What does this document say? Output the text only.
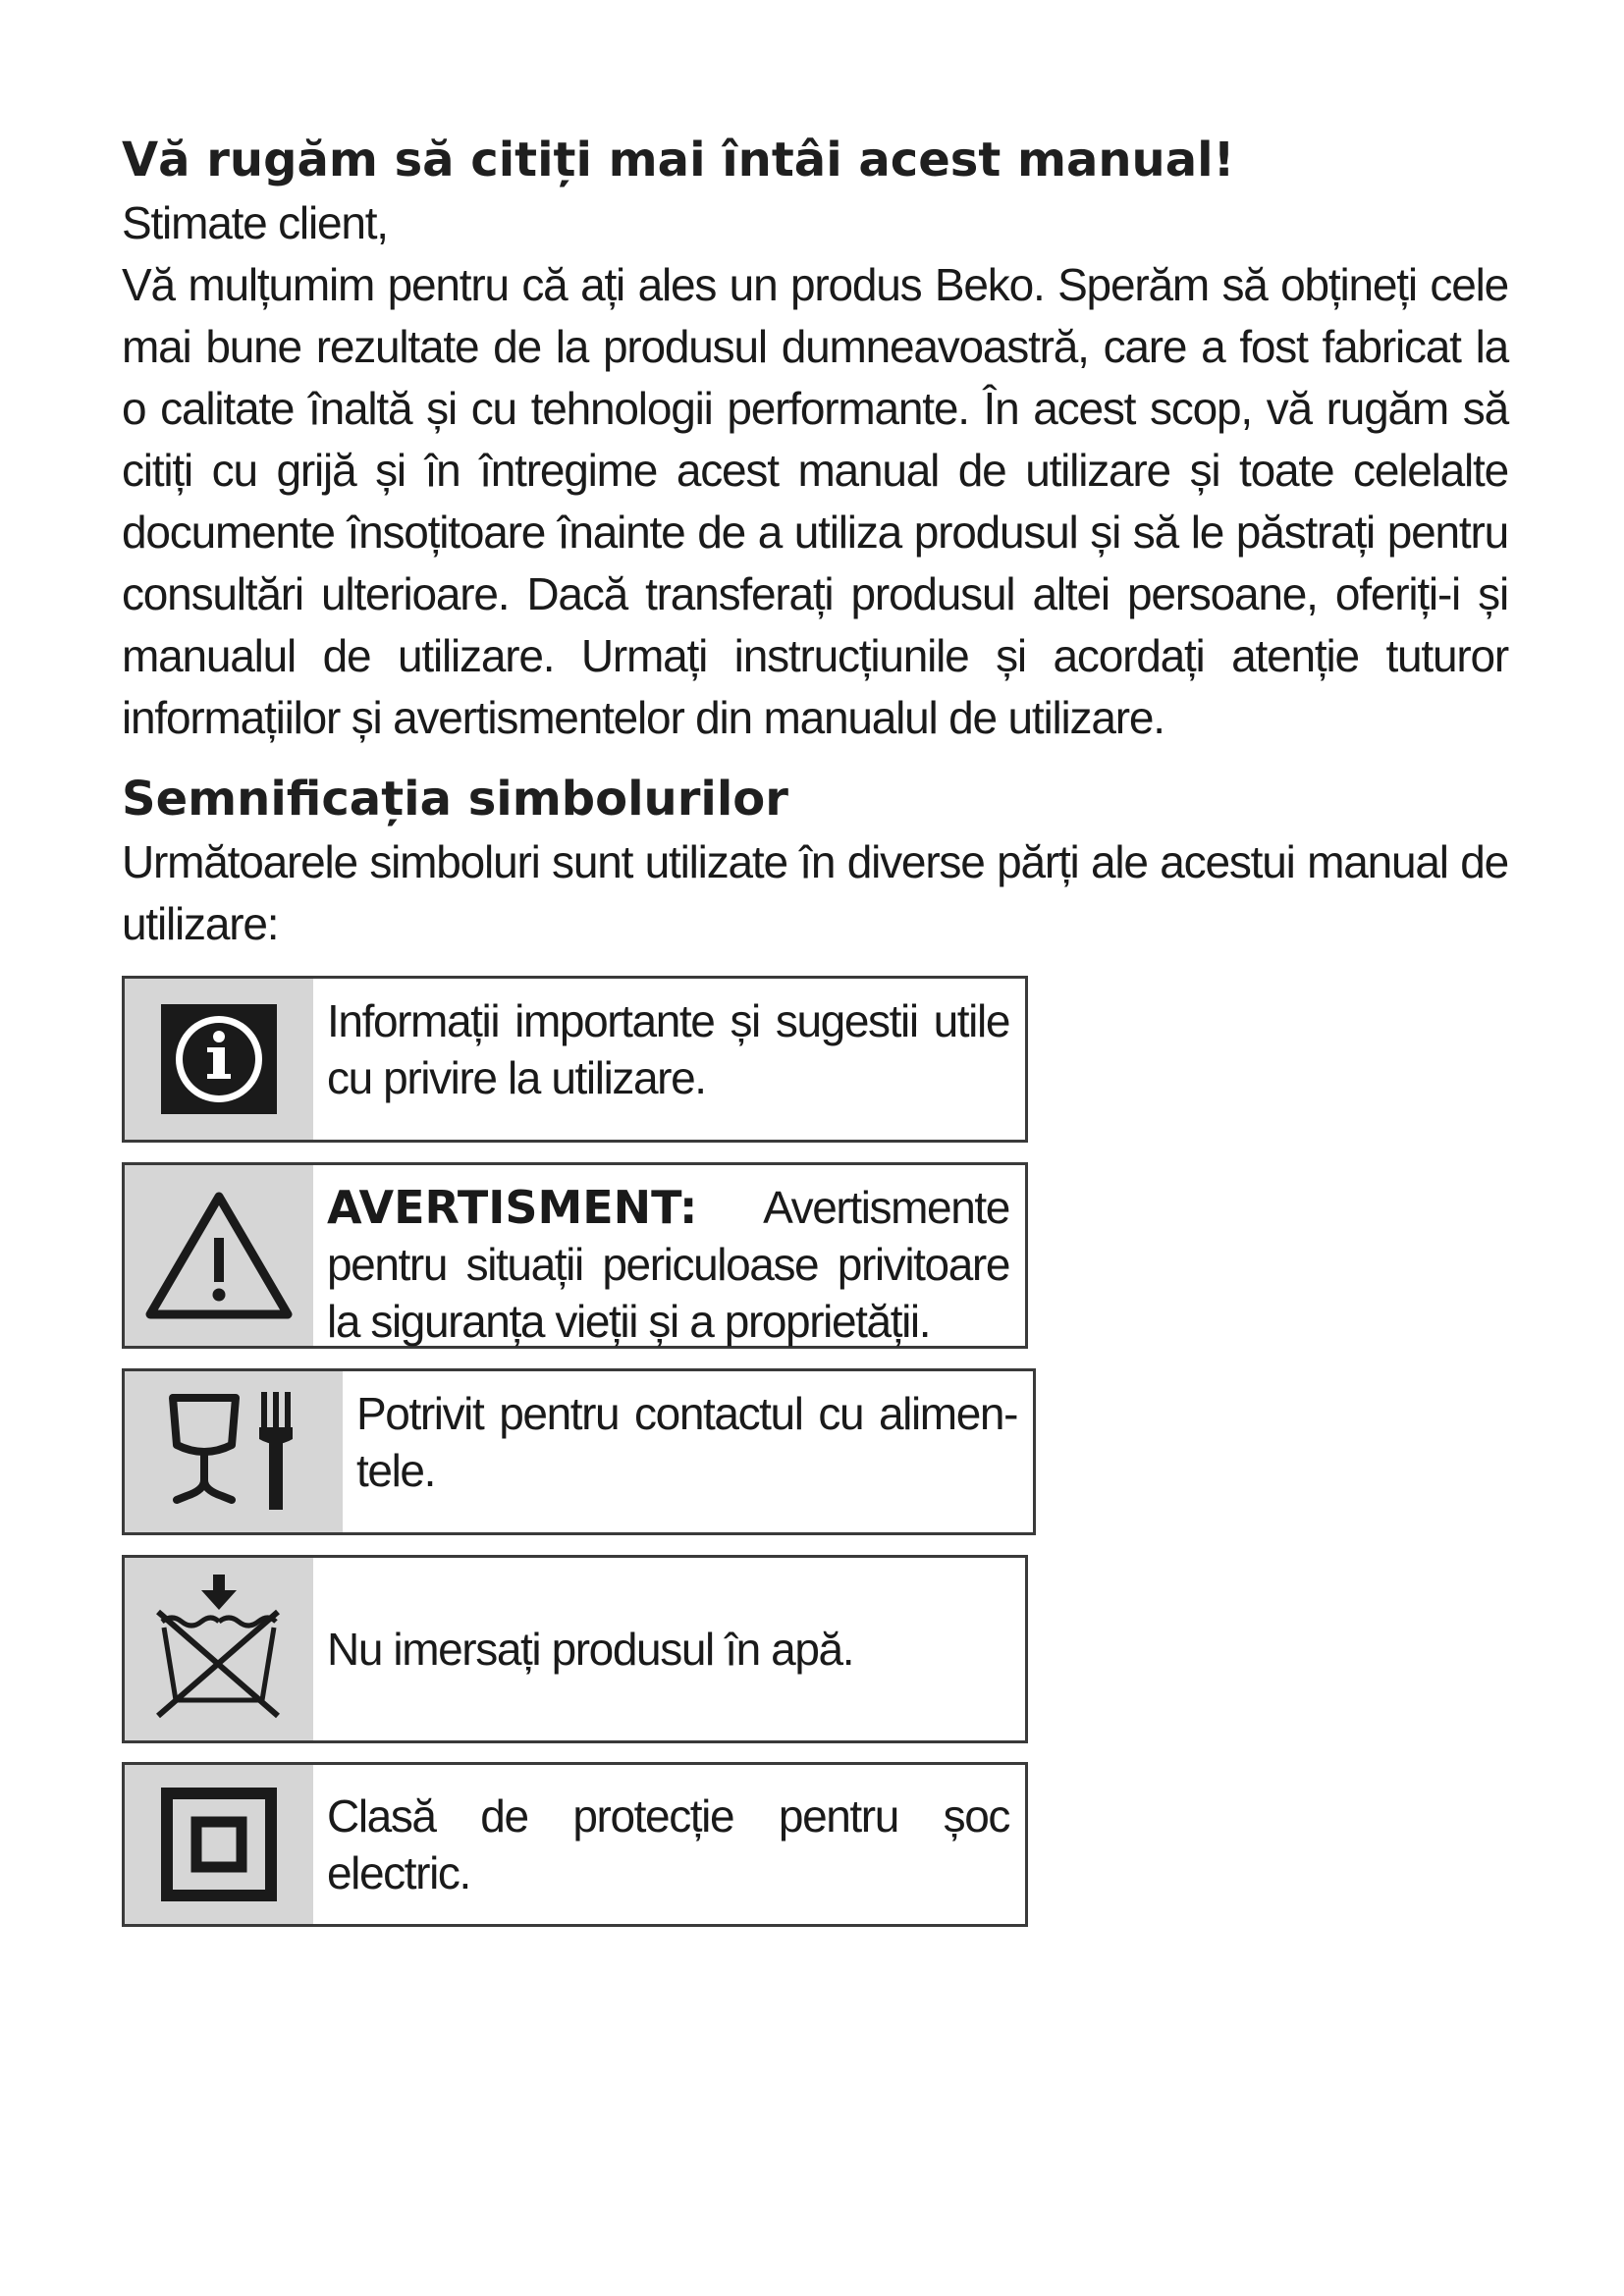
Vă rugăm să citiți mai întâi acest manual!

Stimate client,

Vă mulțumim pentru că ați ales un produs Beko. Sperăm să obțineți cele mai bune rezultate de la produsul dumneavoastră, care a fost fabricat la o calitate înaltă și cu tehnologii performante. În acest scop, vă rugăm să citiți cu grijă și în întregime acest manual de utilizare și toate celelalte documente însoțitoare înainte de a utiliza produsul și să le păstrați pentru consultări ulterioare. Dacă transferați produsul altei persoane, oferiți-i și manualul de utilizare. Urmați instrucțiunile și acordați atenție tuturor informațiilor și avertismentelor din manualul de utilizare.

Semnificația simbolurilor

Următoarele simboluri sunt utilizate în diverse părți ale acestui manual de utilizare:

Informații importante și sugestii utile cu privire la utilizare.
AVERTISMENT: Avertismente pentru situații periculoase privitoare la siguranța vieții și a proprietății.
Potrivit pentru contactul cu alimen-tele.
Nu imersați produsul în apă.
Clasă de protecție pentru șoc electric.
